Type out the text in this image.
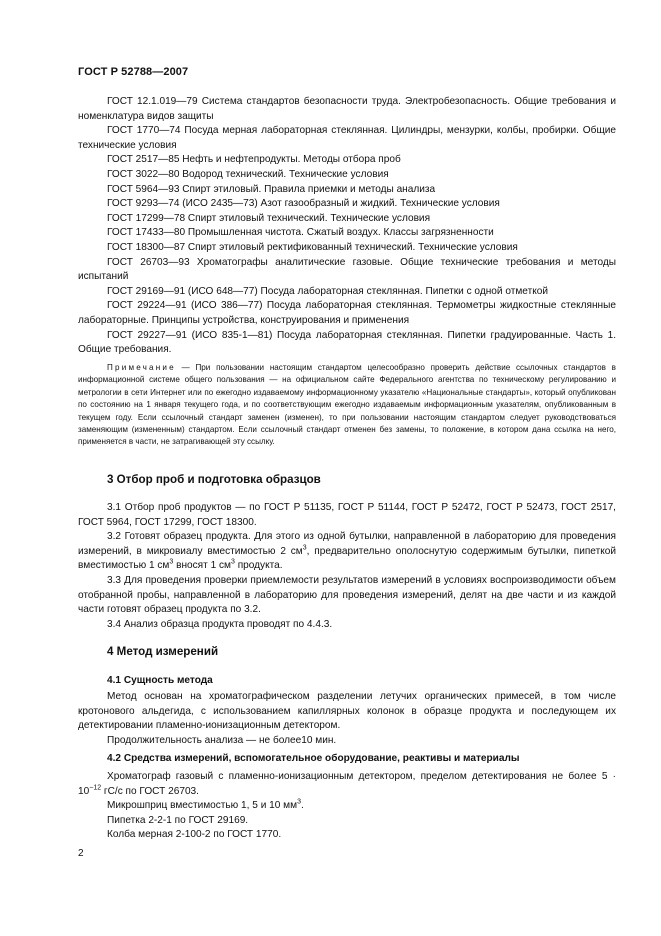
ГОСТ Р 52788—2007

ГОСТ 12.1.019—79 Система стандартов безопасности труда. Электробезопасность. Общие требования и номенклатура видов защиты

ГОСТ 1770—74 Посуда мерная лабораторная стеклянная. Цилиндры, мензурки, колбы, пробирки. Общие технические условия

ГОСТ 2517—85 Нефть и нефтепродукты. Методы отбора проб

ГОСТ 3022—80 Водород технический. Технические условия

ГОСТ 5964—93 Спирт этиловый. Правила приемки и методы анализа

ГОСТ 9293—74 (ИСО 2435—73) Азот газообразный и жидкий. Технические условия

ГОСТ 17299—78 Спирт этиловый технический. Технические условия

ГОСТ 17433—80 Промышленная чистота. Сжатый воздух. Классы загрязненности

ГОСТ 18300—87 Спирт этиловый ректификованный технический. Технические условия

ГОСТ 26703—93 Хроматографы аналитические газовые. Общие технические требования и методы испытаний

ГОСТ 29169—91 (ИСО 648—77) Посуда лабораторная стеклянная. Пипетки с одной отметкой

ГОСТ 29224—91 (ИСО 386—77) Посуда лабораторная стеклянная. Термометры жидкостные стеклянные лабораторные. Принципы устройства, конструирования и применения

ГОСТ 29227—91 (ИСО 835-1—81) Посуда лабораторная стеклянная. Пипетки градуированные. Часть 1. Общие требования.

Примечание — При пользовании настоящим стандартом целесообразно проверить действие ссылочных стандартов в информационной системе общего пользования — на официальном сайте Федерального агентства по техническому регулированию и метрологии в сети Интернет или по ежегодно издаваемому информационному указателю «Национальные стандарты», который опубликован по состоянию на 1 января текущего года, и по соответствующим ежегодно издаваемым информационным указателям, опубликованным в текущем году. Если ссылочный стандарт заменен (изменен), то при пользовании настоящим стандартом следует руководствоваться заменяющим (измененным) стандартом. Если ссылочный стандарт отменен без замены, то положение, в котором дана ссылка на него, применяется в части, не затрагивающей эту ссылку.

3 Отбор проб и подготовка образцов

3.1 Отбор проб продуктов — по ГОСТ Р 51135, ГОСТ Р 51144, ГОСТ Р 52472, ГОСТ Р 52473, ГОСТ 2517, ГОСТ 5964, ГОСТ 17299, ГОСТ 18300.

3.2 Готовят образец продукта. Для этого из одной бутылки, направленной в лабораторию для проведения измерений, в микровиалу вместимостью 2 $см^3$, предварительно ополоснутую содержимым бутылки, пипеткой вместимостью 1 $см^3$ вносят 1 $см^3$ продукта.

3.3 Для проведения проверки приемлемости результатов измерений в условиях воспроизводимости объем отобранной пробы, направленной в лабораторию для проведения измерений, делят на две части и из каждой части готовят образец продукта по 3.2.

3.4 Анализ образца продукта проводят по 4.4.3.

4 Метод измерений
4.1 Сущность метода

Метод основан на хроматографическом разделении летучих органических примесей, в том числе кротонового альдегида, с использованием капиллярных колонок в образце продукта и последующем их детектировании пламенно-ионизационным детектором.

Продолжительность анализа — не более10 мин.

4.2 Средства измерений, вспомогательное оборудование, реактивы и материалы

Хроматограф газовый с пламенно-ионизационным детектором, пределом детектирования не более $5 \cdot 10^{-12}$ гС/с по ГОСТ 26703.

Микрошприц вместимостью 1, 5 и 10 $мм^3$.

Пипетка 2-2-1 по ГОСТ 29169.

Колба мерная 2-100-2 по ГОСТ 1770.

2
